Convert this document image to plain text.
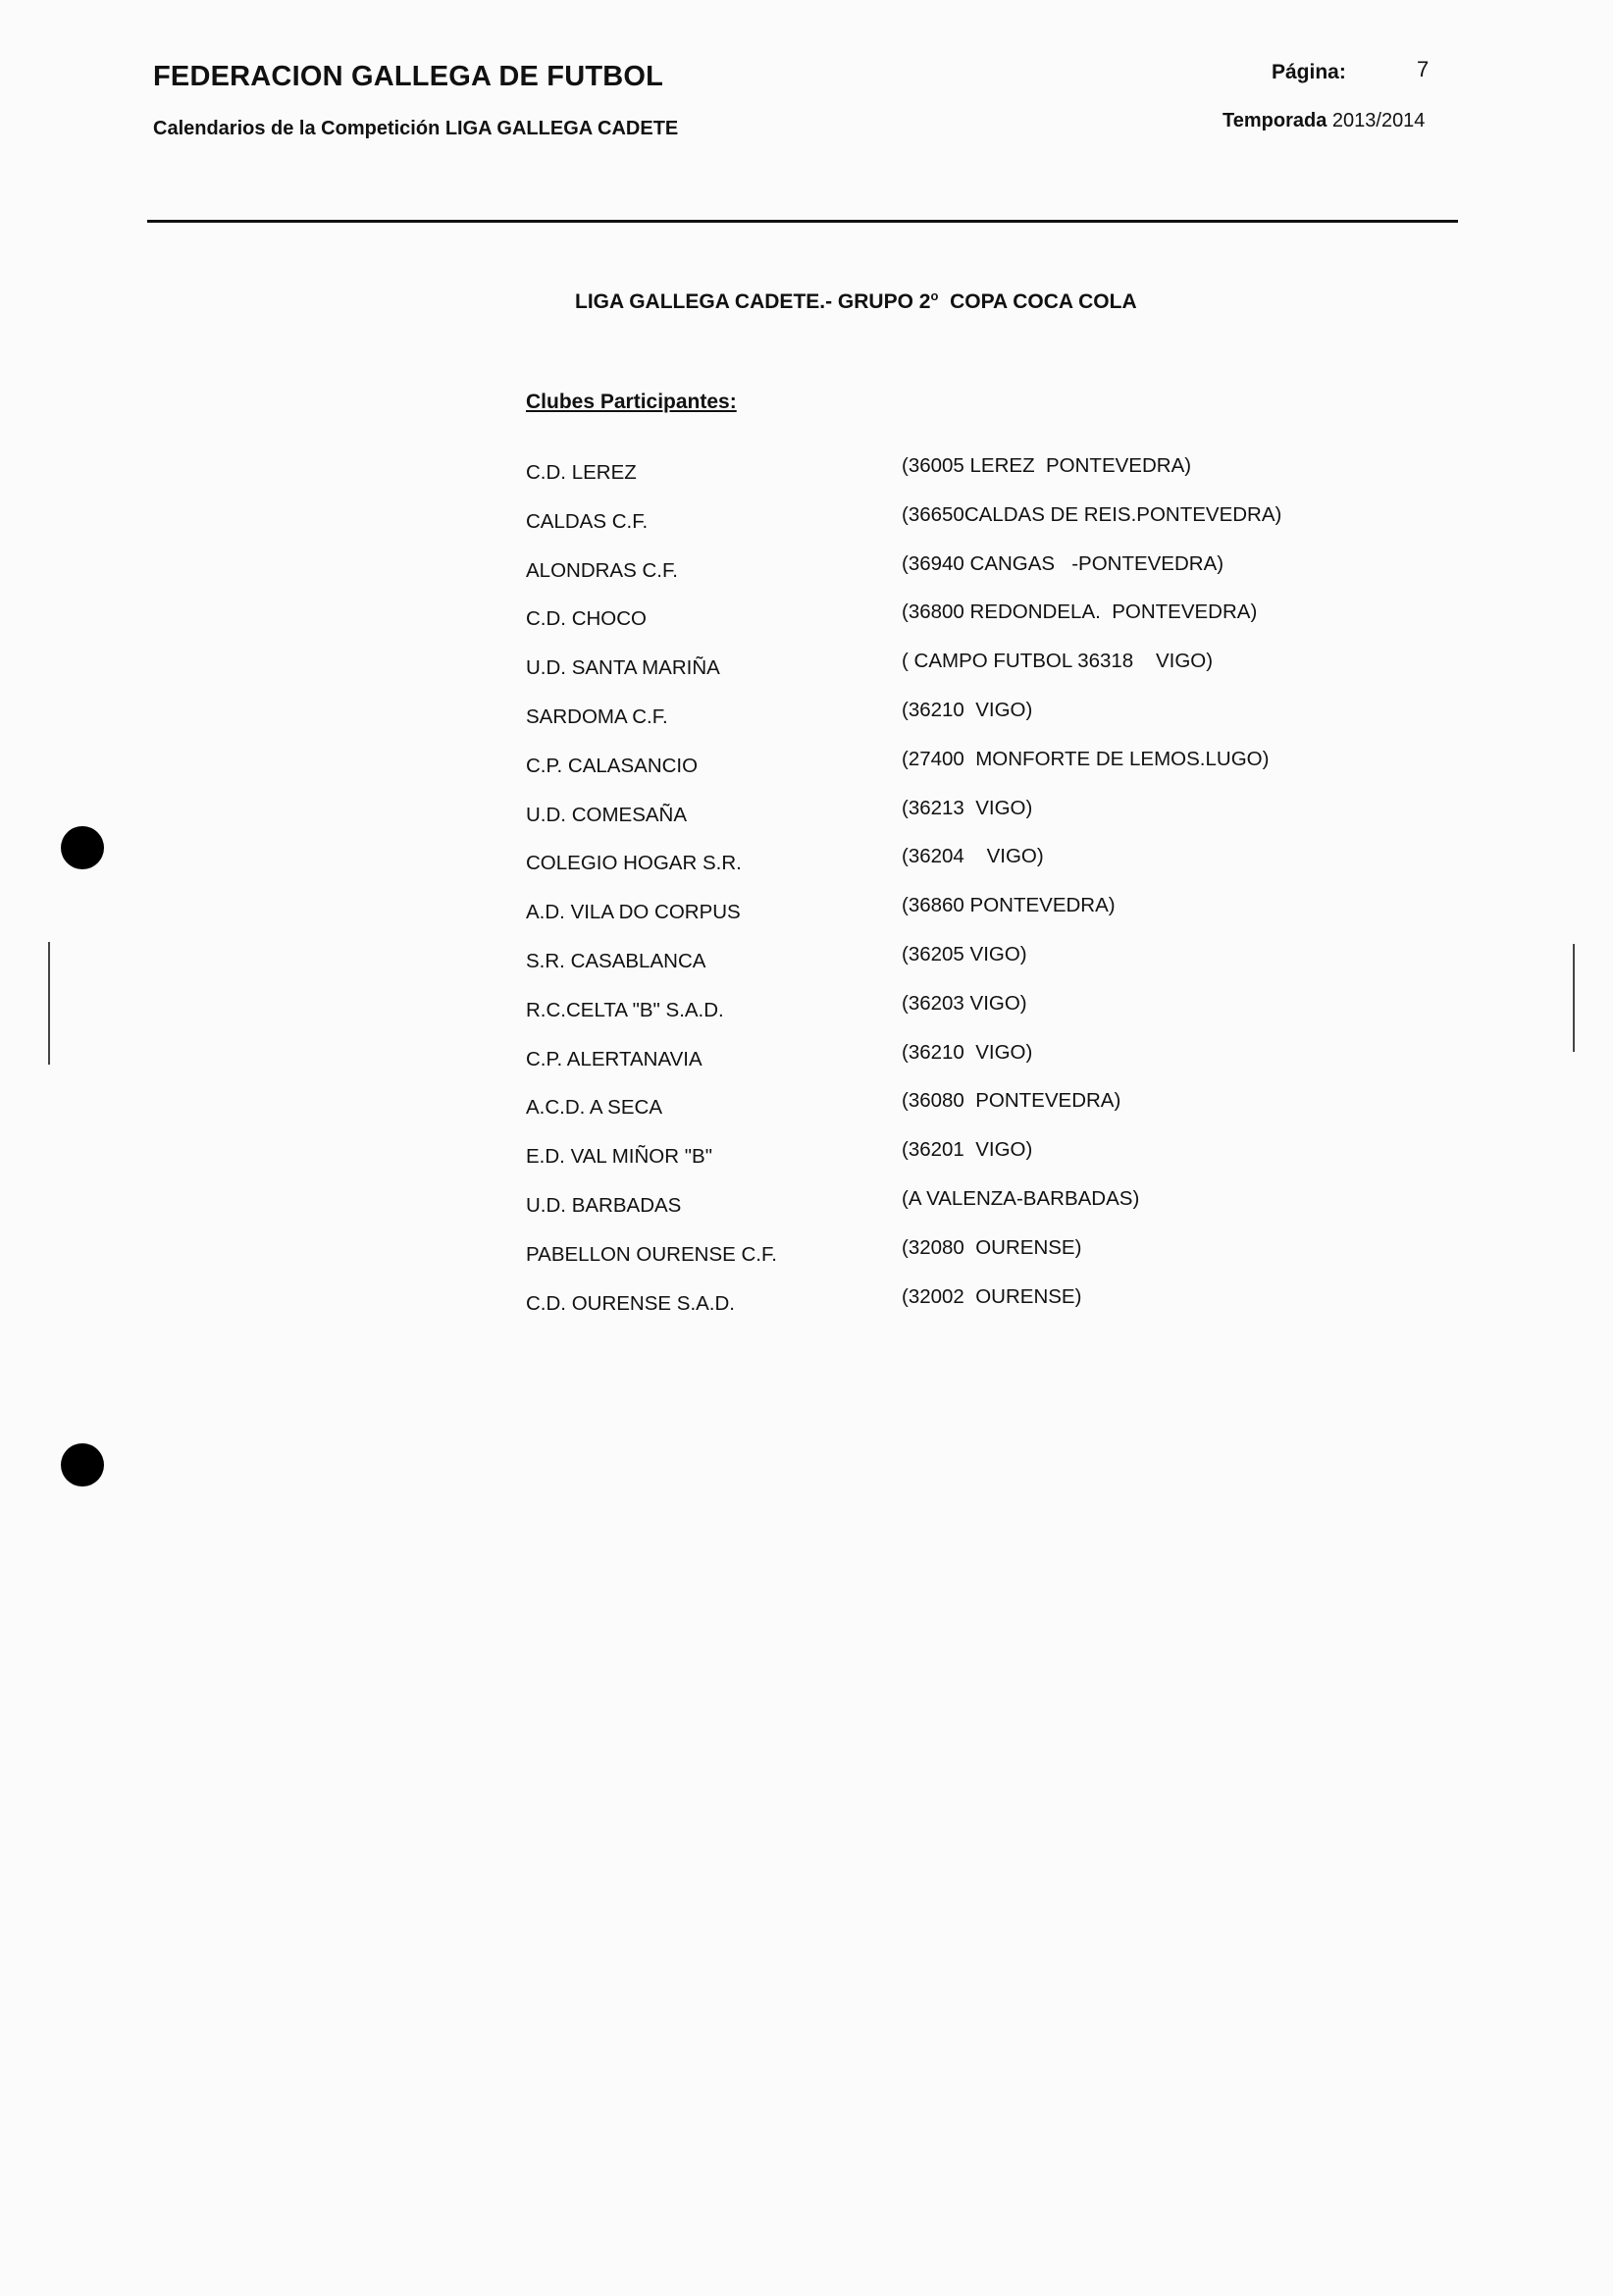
FEDERACION GALLEGA DE FUTBOL
Calendarios de la Competición LIGA GALLEGA CADETE
Página:	7
Temporada 2013/2014
LIGA GALLEGA CADETE.- GRUPO 2$^o$  COPA COCA COLA
Clubes Participantes:
C.D. LEREZ	(36005 LEREZ  PONTEVEDRA)
CALDAS C.F.	(36650CALDAS DE REIS.PONTEVEDRA)
ALONDRAS C.F.	(36940 CANGAS   -PONTEVEDRA)
C.D. CHOCO	(36800 REDONDELA.  PONTEVEDRA)
U.D. SANTA MARIÑA	( CAMPO FUTBOL 36318    VIGO)
SARDOMA C.F.	(36210  VIGO)
C.P. CALASANCIO	(27400  MONFORTE DE LEMOS.LUGO)
U.D. COMESAÑA	(36213  VIGO)
COLEGIO HOGAR S.R.	(36204    VIGO)
A.D. VILA DO CORPUS	(36860 PONTEVEDRA)
S.R. CASABLANCA	(36205 VIGO)
R.C.CELTA "B" S.A.D.	(36203 VIGO)
C.P. ALERTANAVIA	(36210  VIGO)
A.C.D. A SECA	(36080  PONTEVEDRA)
E.D. VAL MIÑOR "B"	(36201  VIGO)
U.D. BARBADAS	(A VALENZA-BARBADAS)
PABELLON OURENSE C.F.	(32080  OURENSE)
C.D. OURENSE S.A.D.	(32002  OURENSE)
